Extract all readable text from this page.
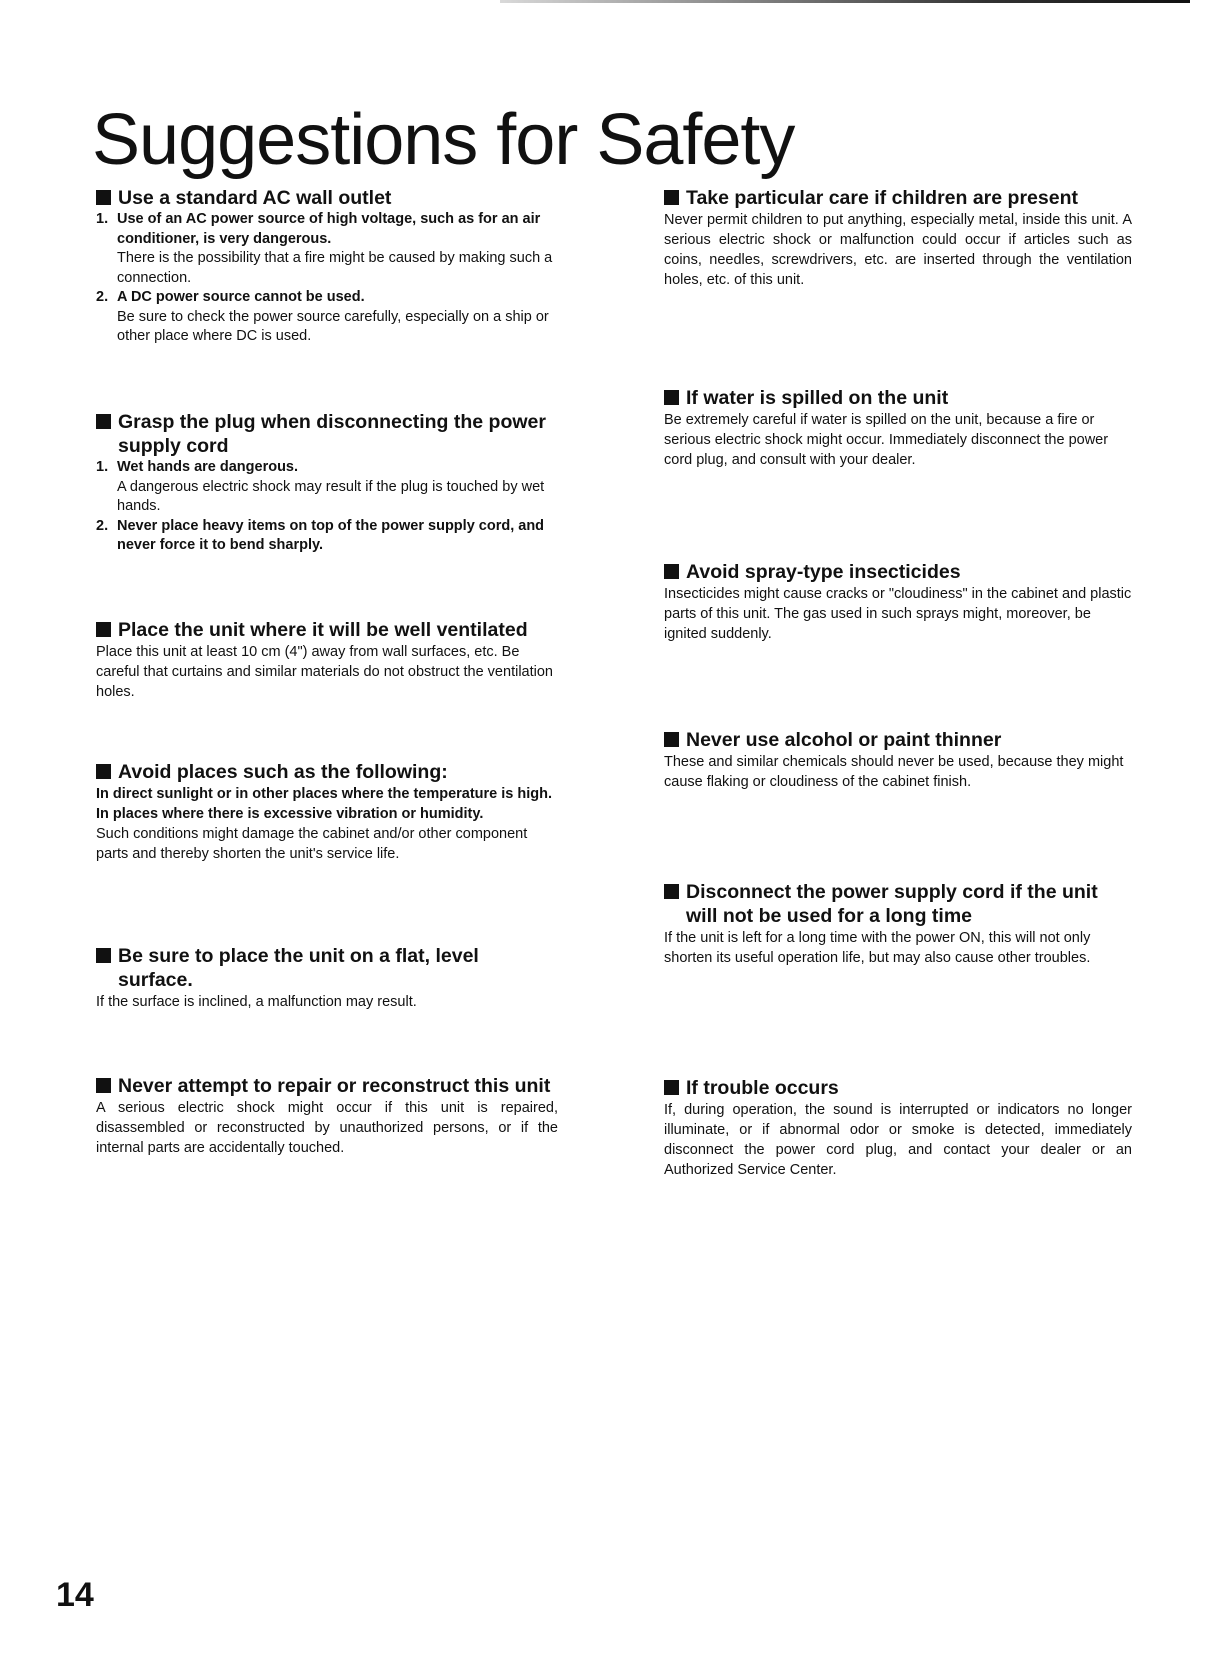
Suggestions for Safety

Use a standard AC wall outlet

1. Use of an AC power source of high voltage, such as for an air conditioner, is very dangerous.
There is the possibility that a fire might be caused by making such a connection.
2. A DC power source cannot be used.
Be sure to check the power source carefully, especially on a ship or other place where DC is used.

Grasp the plug when disconnecting the power supply cord

1. Wet hands are dangerous.
A dangerous electric shock may result if the plug is touched by wet hands.
2. Never place heavy items on top of the power supply cord, and never force it to bend sharply.

Place the unit where it will be well ventilated

Place this unit at least 10 cm (4") away from wall surfaces, etc. Be careful that curtains and similar materials do not obstruct the ventilation holes.

Avoid places such as the following:

In direct sunlight or in other places where the temperature is high.

In places where there is excessive vibration or humidity.

Such conditions might damage the cabinet and/or other component parts and thereby shorten the unit's service life.

Be sure to place the unit on a flat, level surface.

If the surface is inclined, a malfunction may result.

Never attempt to repair or reconstruct this unit

A serious electric shock might occur if this unit is repaired, disassembled or reconstructed by unauthorized persons, or if the internal parts are accidentally touched.

Take particular care if children are present

Never permit children to put anything, especially metal, inside this unit. A serious electric shock or malfunction could occur if articles such as coins, needles, screwdrivers, etc. are inserted through the ventilation holes, etc. of this unit.

If water is spilled on the unit

Be extremely careful if water is spilled on the unit, because a fire or serious electric shock might occur. Immediately disconnect the power cord plug, and consult with your dealer.

Avoid spray-type insecticides

Insecticides might cause cracks or "cloudiness" in the cabinet and plastic parts of this unit. The gas used in such sprays might, moreover, be ignited suddenly.

Never use alcohol or paint thinner

These and similar chemicals should never be used, because they might cause flaking or cloudiness of the cabinet finish.

Disconnect the power supply cord if the unit will not be used for a long time

If the unit is left for a long time with the power ON, this will not only shorten its useful operation life, but may also cause other troubles.

If trouble occurs

If, during operation, the sound is interrupted or indicators no longer illuminate, or if abnormal odor or smoke is detected, immediately disconnect the power cord plug, and contact your dealer or an Authorized Service Center.

14
